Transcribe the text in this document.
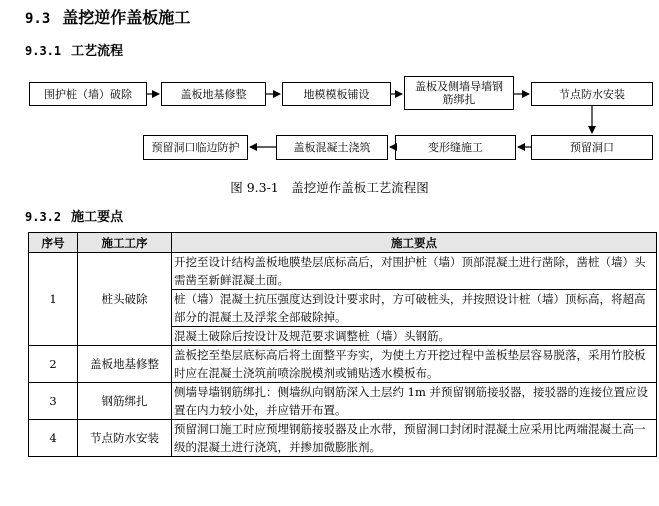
9.3 盖挖逆作盖板施工
9.3.1 工艺流程
围护桩（墙）破除	盖板地基修整	地模模板铺设
盖板及侧墙导墙钢筋绑扎	节点防水安装
预留洞口临边防护	盖板混凝土浇筑	变形缝施工	预留洞口
图 9.3-1　盖挖逆作盖板工艺流程图
9.3.2 施工要点
序号	施工工序	施工要点
1	桩头破除	开挖至设计结构盖板地膜垫层底标高后，对围护桩（墙）顶部混凝土进行凿除，凿桩（墙）头需凿至新鲜混凝土面。
		桩（墙）混凝土抗压强度达到设计要求时，方可破桩头，并按照设计桩（墙）顶标高，将超高部分的混凝土及浮浆全部破除掉。
		混凝土破除后按设计及规范要求调整桩（墙）头钢筋。
2	盖板地基修整	盖板挖至垫层底标高后将土面整平夯实，为使土方开挖过程中盖板垫层容易脱落，采用竹胶板时应在混凝土浇筑前喷涂脱模剂或铺贴透水模板布。
3	钢筋绑扎	侧墙导墙钢筋绑扎：侧墙纵向钢筋深入土层约 1m 并预留钢筋接驳器，接驳器的连接位置应设置在内力较小处，并应错开布置。
4	节点防水安装	预留洞口施工时应预埋钢筋接驳器及止水带，预留洞口封闭时混凝土应采用比两端混凝土高一级的混凝土进行浇筑，并掺加微膨胀剂。
